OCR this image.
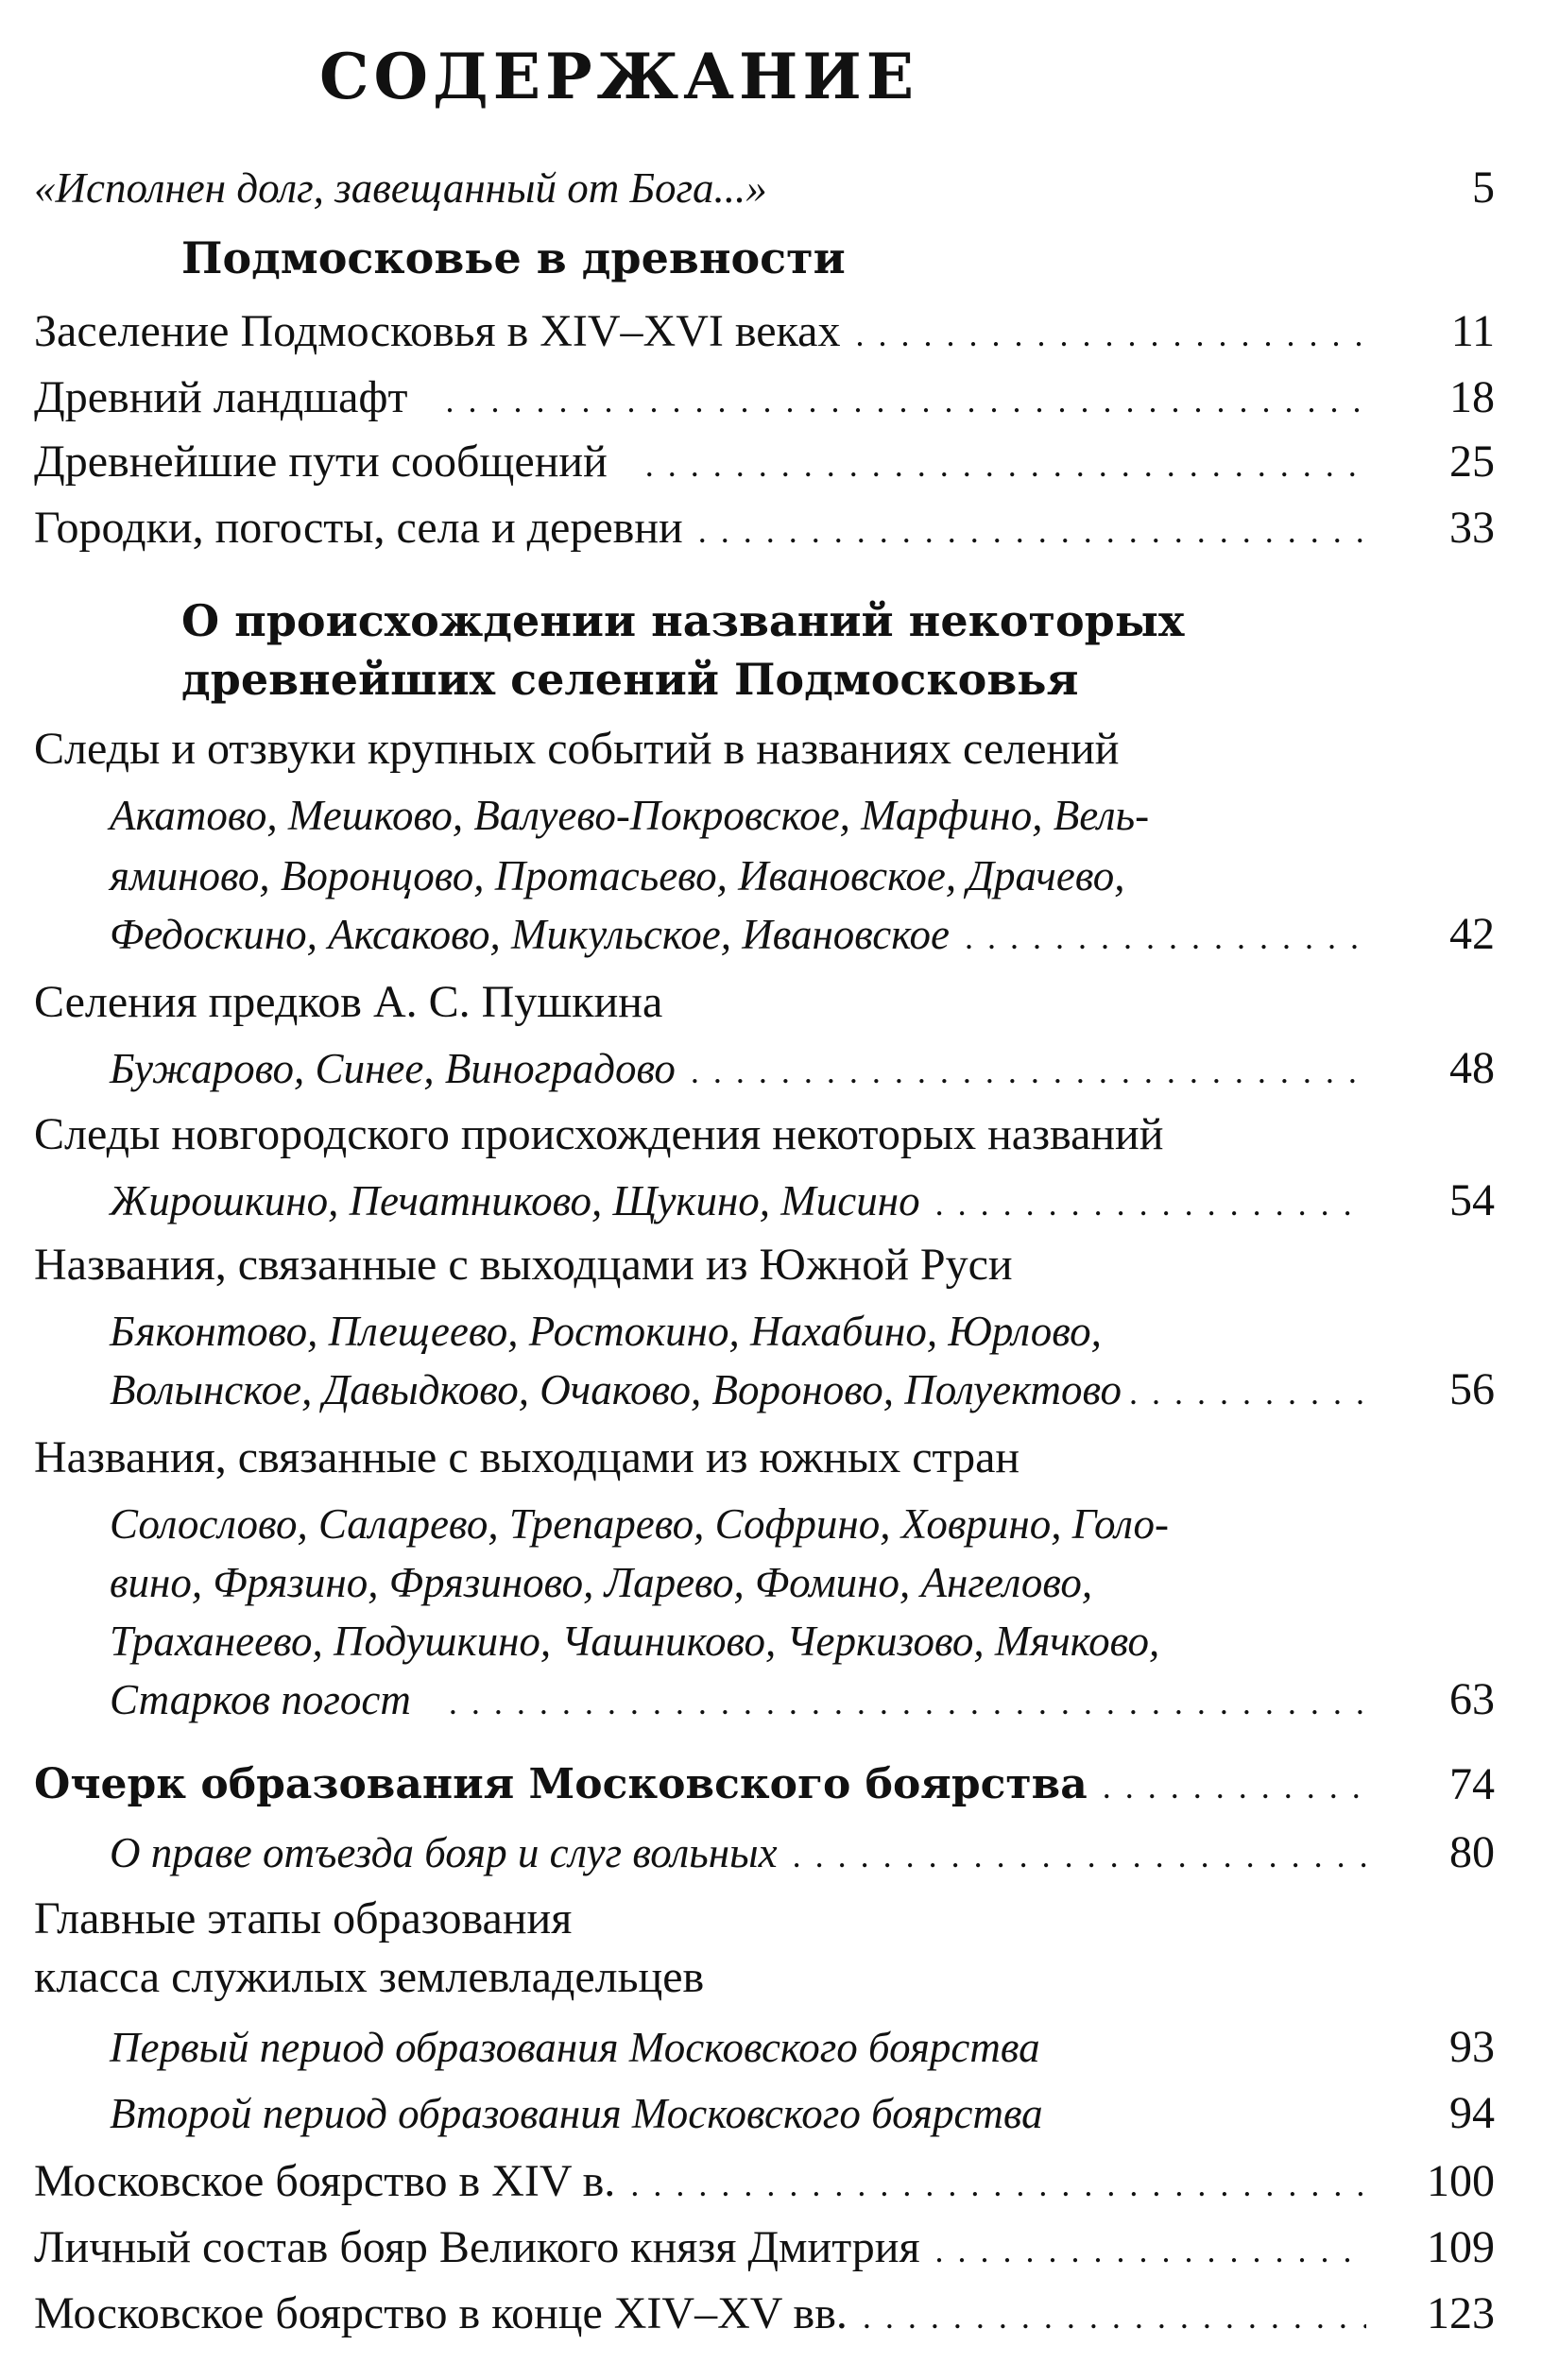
СОДЕРЖАНИЕ
«Исполнен долг, завещанный от Бога...»	5
Подмосковье в древности
Заселение Подмосковья в XIV–XVI веках . . .	11
Древний ландшафт . . .	18
Древнейшие пути сообщений . . .	25
Городки, погосты, села и деревни . . .	33
О происхождении названий некоторых
древнейших селений Подмосковья
Следы и отзвуки крупных событий в названиях селений
Акатово, Мешково, Валуево-Покровское, Марфино, Вель-
яминово, Воронцово, Протасьево, Ивановское, Драчево,
Федоскино, Аксаково, Микульское, Ивановское . . .	42
Селения предков А. С. Пушкина
Бужарово, Синее, Виноградово . . .	48
Следы новгородского происхождения некоторых названий
Жирошкино, Печатниково, Щукино, Мисино . . .	54
Названия, связанные с выходцами из Южной Руси
Бяконтово, Плещеево, Ростокино, Нахабино, Юрлово,
Волынское, Давыдково, Очаково, Вороново, Полуектово . . .	56
Названия, связанные с выходцами из южных стран
Солослово, Саларево, Трепарево, Софрино, Ховрино, Голо-
вино, Фрязино, Фрязиново, Ларево, Фомино, Ангелово,
Траханеево, Подушкино, Чашниково, Черкизово, Мячково,
Старков погост . . .	63
Очерк образования Московского боярства . . .	74
О праве отъезда бояр и слуг вольных . . .	80
Главные этапы образования
класса служилых землевладельцев
Первый период образования Московского боярства	93
Второй период образования Московского боярства	94
Московское боярство в XIV в. . . .	100
Личный состав бояр Великого князя Дмитрия . . .	109
Московское боярство в конце XIV–XV вв. . . .	123
